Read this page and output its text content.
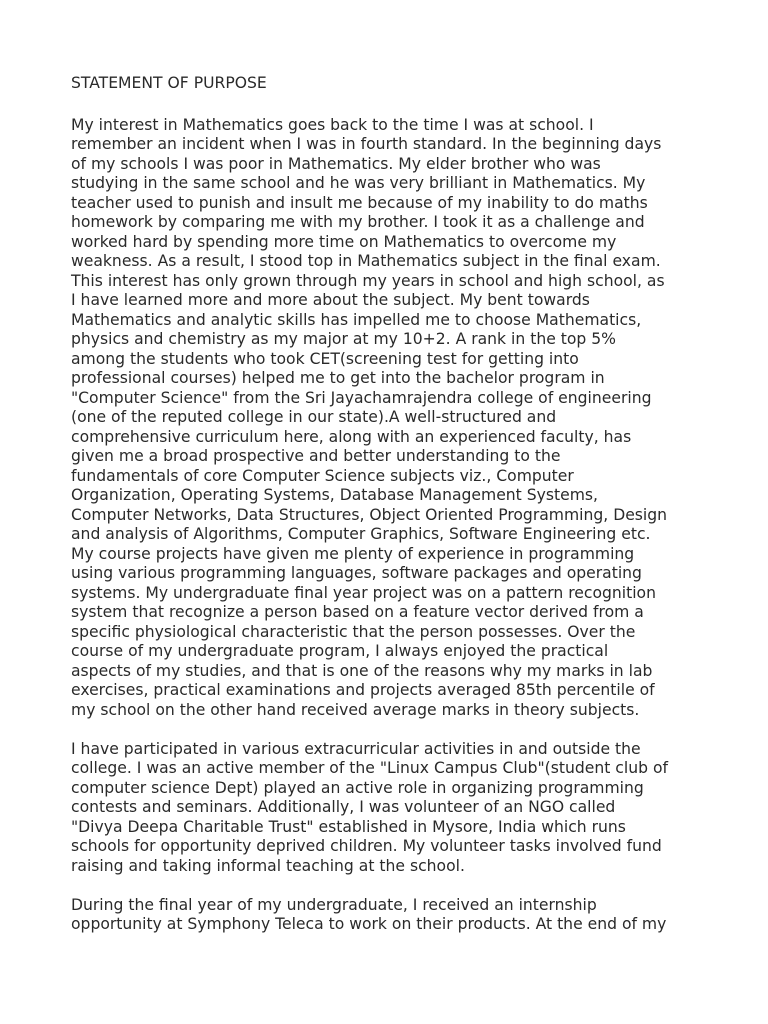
STATEMENT OF PURPOSE
My interest in Mathematics goes back to the time I was at school. I
remember an incident when I was in fourth standard. In the beginning days
of my schools I was poor in Mathematics. My elder brother who was
studying in the same school and he was very brilliant in Mathematics. My
teacher used to punish and insult me because of my inability to do maths
homework by comparing me with my brother. I took it as a challenge and
worked hard by spending more time on Mathematics to overcome my
weakness. As a result, I stood top in Mathematics subject in the final exam.
This interest has only grown through my years in school and high school, as
I have learned more and more about the subject. My bent towards
Mathematics and analytic skills has impelled me to choose Mathematics,
physics and chemistry as my major at my 10+2. A rank in the top 5%
among the students who took CET(screening test for getting into
professional courses) helped me to get into the bachelor program in
"Computer Science" from the Sri Jayachamrajendra college of engineering
(one of the reputed college in our state).A well-structured and
comprehensive curriculum here, along with an experienced faculty, has
given me a broad prospective and better understanding to the
fundamentals of core Computer Science subjects viz., Computer
Organization, Operating Systems, Database Management Systems,
Computer Networks, Data Structures, Object Oriented Programming, Design
and analysis of Algorithms, Computer Graphics, Software Engineering etc.
My course projects have given me plenty of experience in programming
using various programming languages, software packages and operating
systems. My undergraduate final year project was on a pattern recognition
system that recognize a person based on a feature vector derived from a
specific physiological characteristic that the person possesses. Over the
course of my undergraduate program, I always enjoyed the practical
aspects of my studies, and that is one of the reasons why my marks in lab
exercises, practical examinations and projects averaged 85th percentile of
my school on the other hand received average marks in theory subjects.
I have participated in various extracurricular activities in and outside the
college. I was an active member of the "Linux Campus Club"(student club of
computer science Dept) played an active role in organizing programming
contests and seminars. Additionally, I was volunteer of an NGO called
"Divya Deepa Charitable Trust" established in Mysore, India which runs
schools for opportunity deprived children. My volunteer tasks involved fund
raising and taking informal teaching at the school.
During the final year of my undergraduate, I received an internship
opportunity at Symphony Teleca to work on their products. At the end of my
